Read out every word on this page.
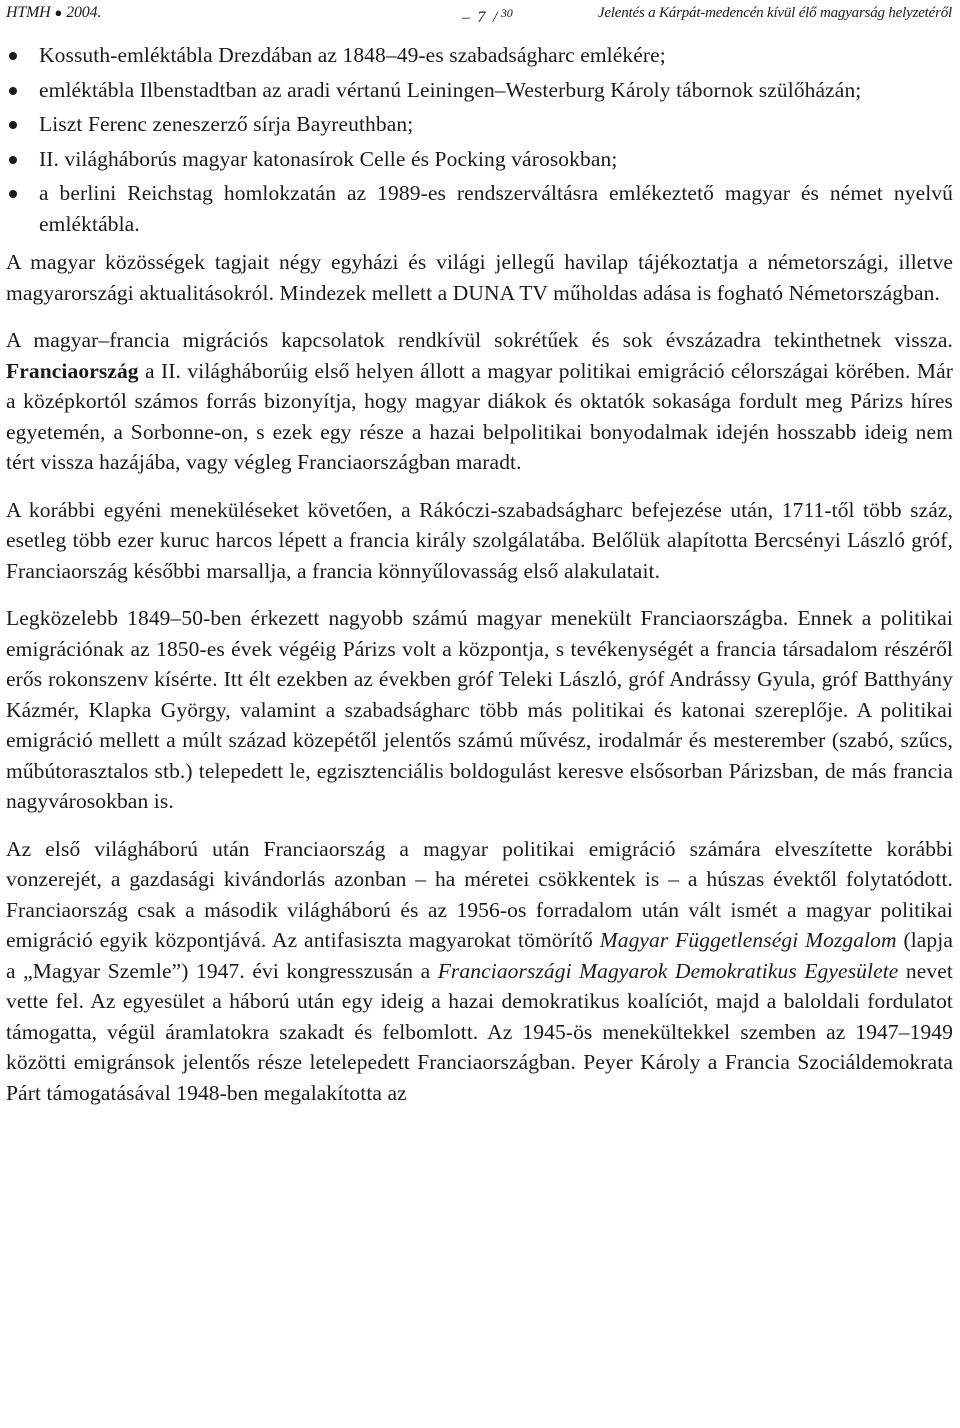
HTMH ● 2004.	– 7 / $^{30}$	Jelentés a Kárpát-medencén kívül élő magyarság helyzetéről
Kossuth-emléktábla Drezdában az 1848–49-es szabadságharc emlékére;
emléktábla Ilbenstadtban az aradi vértanú Leiningen–Westerburg Károly tábornok szülőházán;
Liszt Ferenc zeneszerző sírja Bayreuthban;
II. világháborús magyar katonasírok Celle és Pocking városokban;
a berlini Reichstag homlokzatán az 1989-es rendszerváltásra emlékeztető magyar és német nyelvű emléktábla.

A magyar közösségek tagjait négy egyházi és világi jellegű havilap tájékoztatja a németországi, illetve magyarországi aktualitásokról. Mindezek mellett a DUNA TV műholdas adása is fogható Németországban.

A magyar–francia migrációs kapcsolatok rendkívül sokrétűek és sok évszázadra tekinthetnek vissza. Franciaország a II. világháborúig első helyen állott a magyar politikai emigráció célországai körében. Már a középkortól számos forrás bizonyítja, hogy magyar diákok és oktatók sokasága fordult meg Párizs híres egyetemén, a Sorbonne-on, s ezek egy része a hazai belpolitikai bonyodalmak idején hosszabb ideig nem tért vissza hazájába, vagy végleg Franciaországban maradt.

A korábbi egyéni meneküléseket követően, a Rákóczi-szabadságharc befejezése után, 1711-től több száz, esetleg több ezer kuruc harcos lépett a francia király szolgálatába. Belőlük alapította Bercsényi László gróf, Franciaország későbbi marsallja, a francia könnyűlovasság első alakulatait.

Legközelebb 1849–50-ben érkezett nagyobb számú magyar menekült Franciaországba. Ennek a politikai emigrációnak az 1850-es évek végéig Párizs volt a központja, s tevékenységét a francia társadalom részéről erős rokonszenv kísérte. Itt élt ezekben az években gróf Teleki László, gróf Andrássy Gyula, gróf Batthyány Kázmér, Klapka György, valamint a szabadságharc több más politikai és katonai szereplője. A politikai emigráció mellett a múlt század közepétől jelentős számú művész, irodalmár és mesterember (szabó, szűcs, műbútorasztalos stb.) telepedett le, egzisztenciális boldogulást keresve elsősorban Párizsban, de más francia nagyvárosokban is.

Az első világháború után Franciaország a magyar politikai emigráció számára elveszítette korábbi vonzerejét, a gazdasági kivándorlás azonban – ha méretei csökkentek is – a húszas évektől folytatódott. Franciaország csak a második világháború és az 1956-os forradalom után vált ismét a magyar politikai emigráció egyik központjává. Az antifasiszta magyarokat tömörítő Magyar Függetlenségi Mozgalom (lapja a „Magyar Szemle”) 1947. évi kongresszusán a Franciaországi Magyarok Demokratikus Egyesülete nevet vette fel. Az egyesület a háború után egy ideig a hazai demokratikus koalíciót, majd a baloldali fordulatot támogatta, végül áramlatokra szakadt és felbomlott. Az 1945-ös menekültekkel szemben az 1947–1949 közötti emigránsok jelentős része letelepedett Franciaországban. Peyer Károly a Francia Szociáldemokrata Párt támogatásával 1948-ben megalakította az
